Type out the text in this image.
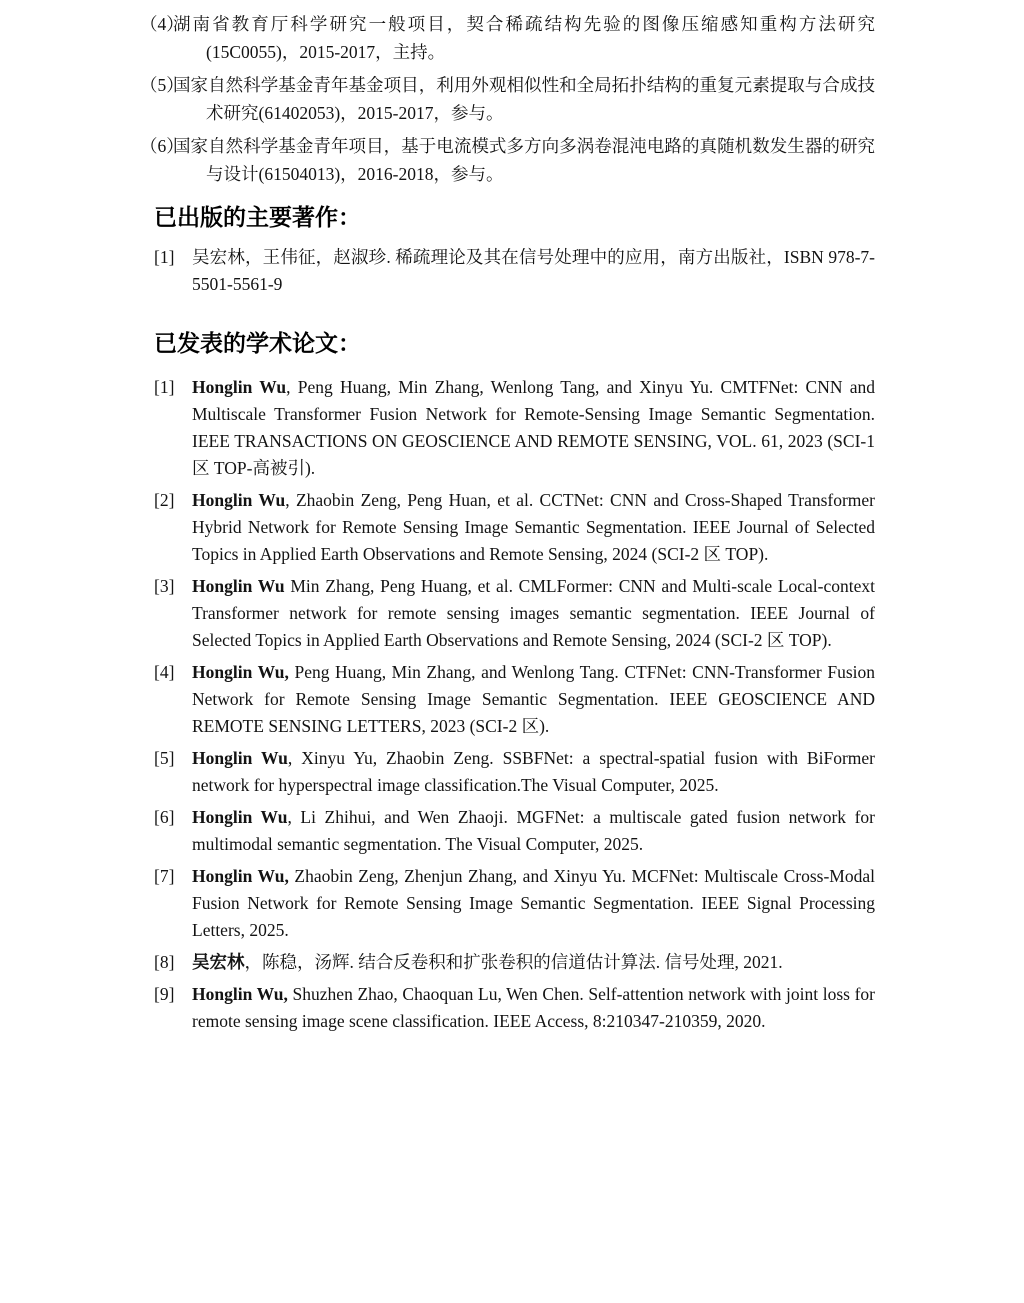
（4）
湖南省教育厅科学研究一般项目，契合稀疏结构先验的图像压缩感知重构方法研究(15C0055)，2015-2017，主持。
（5）
国家自然科学基金青年基金项目，利用外观相似性和全局拓扑结构的重复元素提取与合成技术研究(61402053)，2015-2017，参与。
（6）
国家自然科学基金青年项目，基于电流模式多方向多涡卷混沌电路的真随机数发生器的研究与设计(61504013)，2016-2018，参与。
已出版的主要著作：
[1] 吴宏林，王伟征，赵淑珍. 稀疏理论及其在信号处理中的应用，南方出版社，ISBN 978-7-5501-5561-9
已发表的学术论文：
[1] Honglin Wu, Peng Huang, Min Zhang, Wenlong Tang, and Xinyu Yu. CMTFNet: CNN and Multiscale Transformer Fusion Network for Remote-Sensing Image Semantic Segmentation. IEEE TRANSACTIONS ON GEOSCIENCE AND REMOTE SENSING, VOL. 61, 2023 (SCI-1 区 TOP-高被引).
[2] Honglin Wu, Zhaobin Zeng, Peng Huan, et al. CCTNet: CNN and Cross-Shaped Transformer Hybrid Network for Remote Sensing Image Semantic Segmentation. IEEE Journal of Selected Topics in Applied Earth Observations and Remote Sensing, 2024 (SCI-2 区 TOP).
[3] Honglin Wu Min Zhang, Peng Huang, et al. CMLFormer: CNN and Multi-scale Local-context Transformer network for remote sensing images semantic segmentation. IEEE Journal of Selected Topics in Applied Earth Observations and Remote Sensing, 2024 (SCI-2 区 TOP).
[4] Honglin Wu, Peng Huang, Min Zhang, and Wenlong Tang. CTFNet: CNN-Transformer Fusion Network for Remote Sensing Image Semantic Segmentation. IEEE GEOSCIENCE AND REMOTE SENSING LETTERS, 2023 (SCI-2 区).
[5] Honglin Wu, Xinyu Yu, Zhaobin Zeng. SSBFNet: a spectral-spatial fusion with BiFormer network for hyperspectral image classification.The Visual Computer, 2025.
[6] Honglin Wu, Li Zhihui, and Wen Zhaoji. MGFNet: a multiscale gated fusion network for multimodal semantic segmentation. The Visual Computer, 2025.
[7] Honglin Wu, Zhaobin Zeng, Zhenjun Zhang, and Xinyu Yu. MCFNet: Multiscale Cross-Modal Fusion Network for Remote Sensing Image Semantic Segmentation. IEEE Signal Processing Letters, 2025.
[8] 吴宏林，陈稳，汤辉. 结合反卷积和扩张卷积的信道估计算法. 信号处理, 2021.
[9] Honglin Wu, Shuzhen Zhao, Chaoquan Lu, Wen Chen. Self-attention network with joint loss for remote sensing image scene classification. IEEE Access, 8:210347-210359, 2020.
